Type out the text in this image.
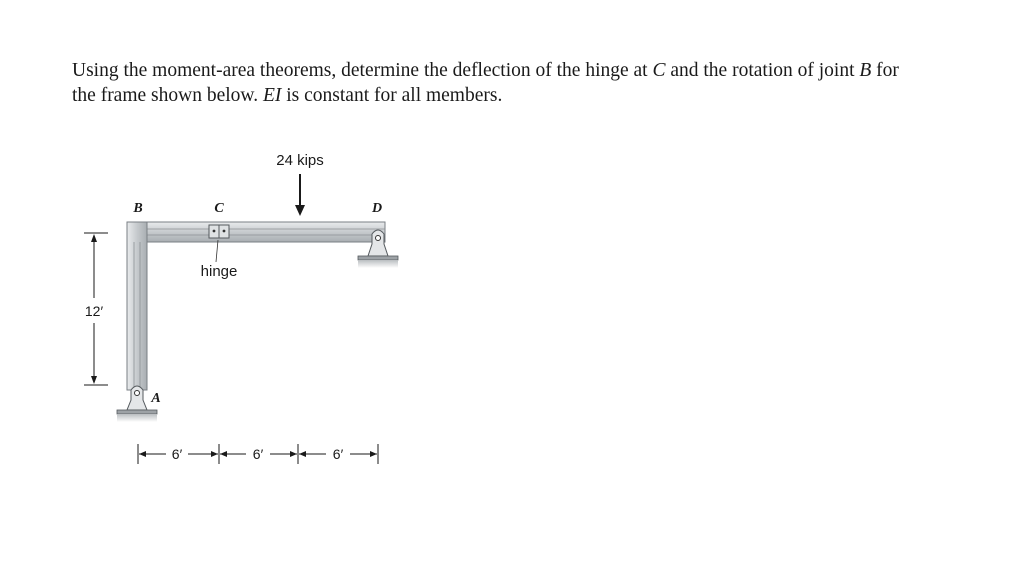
Using the moment-area theorems, determine the deflection of the hinge at C and the rotation of joint B for

the frame shown below. EI is constant for all members.

24 kips
B	C	D
hinge
A
12′
6′	6′	6′
